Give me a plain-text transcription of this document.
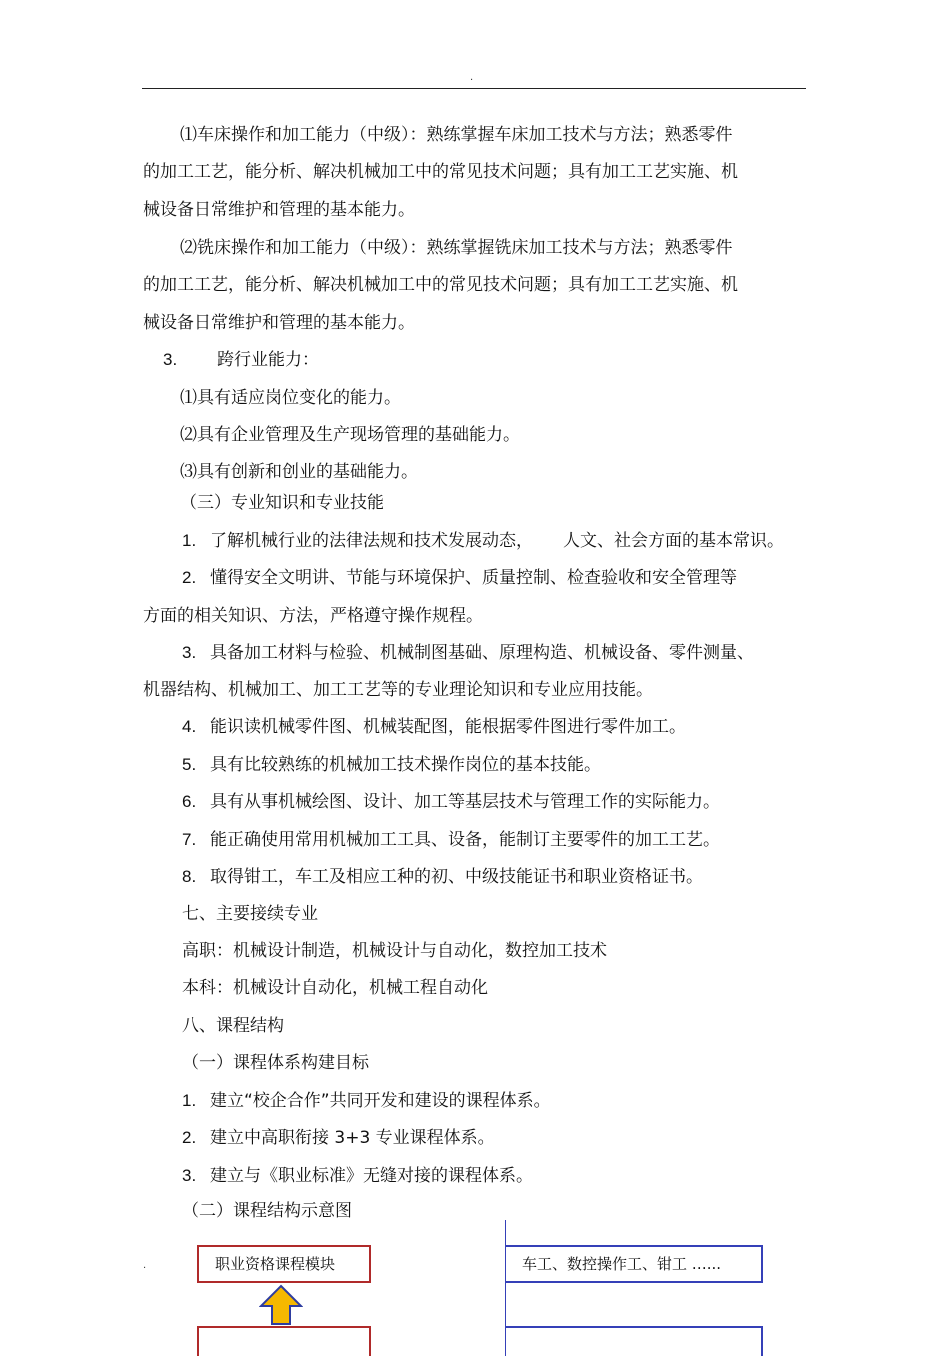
.
⑴车床操作和加工能力（中级）：熟练掌握车床加工技术与方法；熟悉零件
的加工工艺，能分析、解决机械加工中的常见技术问题；具有加工工艺实施、机
械设备日常维护和管理的基本能力。
⑵铣床操作和加工能力（中级）：熟练掌握铣床加工技术与方法；熟悉零件
的加工工艺，能分析、解决机械加工中的常见技术问题；具有加工工艺实施、机
械设备日常维护和管理的基本能力。
3. 跨行业能力：
⑴具有适应岗位变化的能力。
⑵具有企业管理及生产现场管理的基础能力。
⑶具有创新和创业的基础能力。
（三）专业知识和专业技能
1. 了解机械行业的法律法规和技术发展动态， 人文、社会方面的基本常识。
2. 懂得安全文明讲、节能与环境保护、质量控制、检查验收和安全管理等
方面的相关知识、方法，严格遵守操作规程。
3. 具备加工材料与检验、机械制图基础、原理构造、机械设备、零件测量、
机器结构、机械加工、加工工艺等的专业理论知识和专业应用技能。
4. 能识读机械零件图、机械装配图，能根据零件图进行零件加工。
5. 具有比较熟练的机械加工技术操作岗位的基本技能。
6. 具有从事机械绘图、设计、加工等基层技术与管理工作的实际能力。
7. 能正确使用常用机械加工工具、设备，能制订主要零件的加工工艺。
8. 取得钳工，车工及相应工种的初、中级技能证书和职业资格证书。
七、主要接续专业
高职：机械设计制造，机械设计与自动化，数控加工技术
本科：机械设计自动化，机械工程自动化
八、课程结构
（一）课程体系构建目标
1. 建立“校企合作”共同开发和建设的课程体系。
2. 建立中高职衔接 3+3 专业课程体系。
3. 建立与《职业标准》无缝对接的课程体系。
（二）课程结构示意图
.	职业资格课程模块	车工、数控操作工、钳工 …...
